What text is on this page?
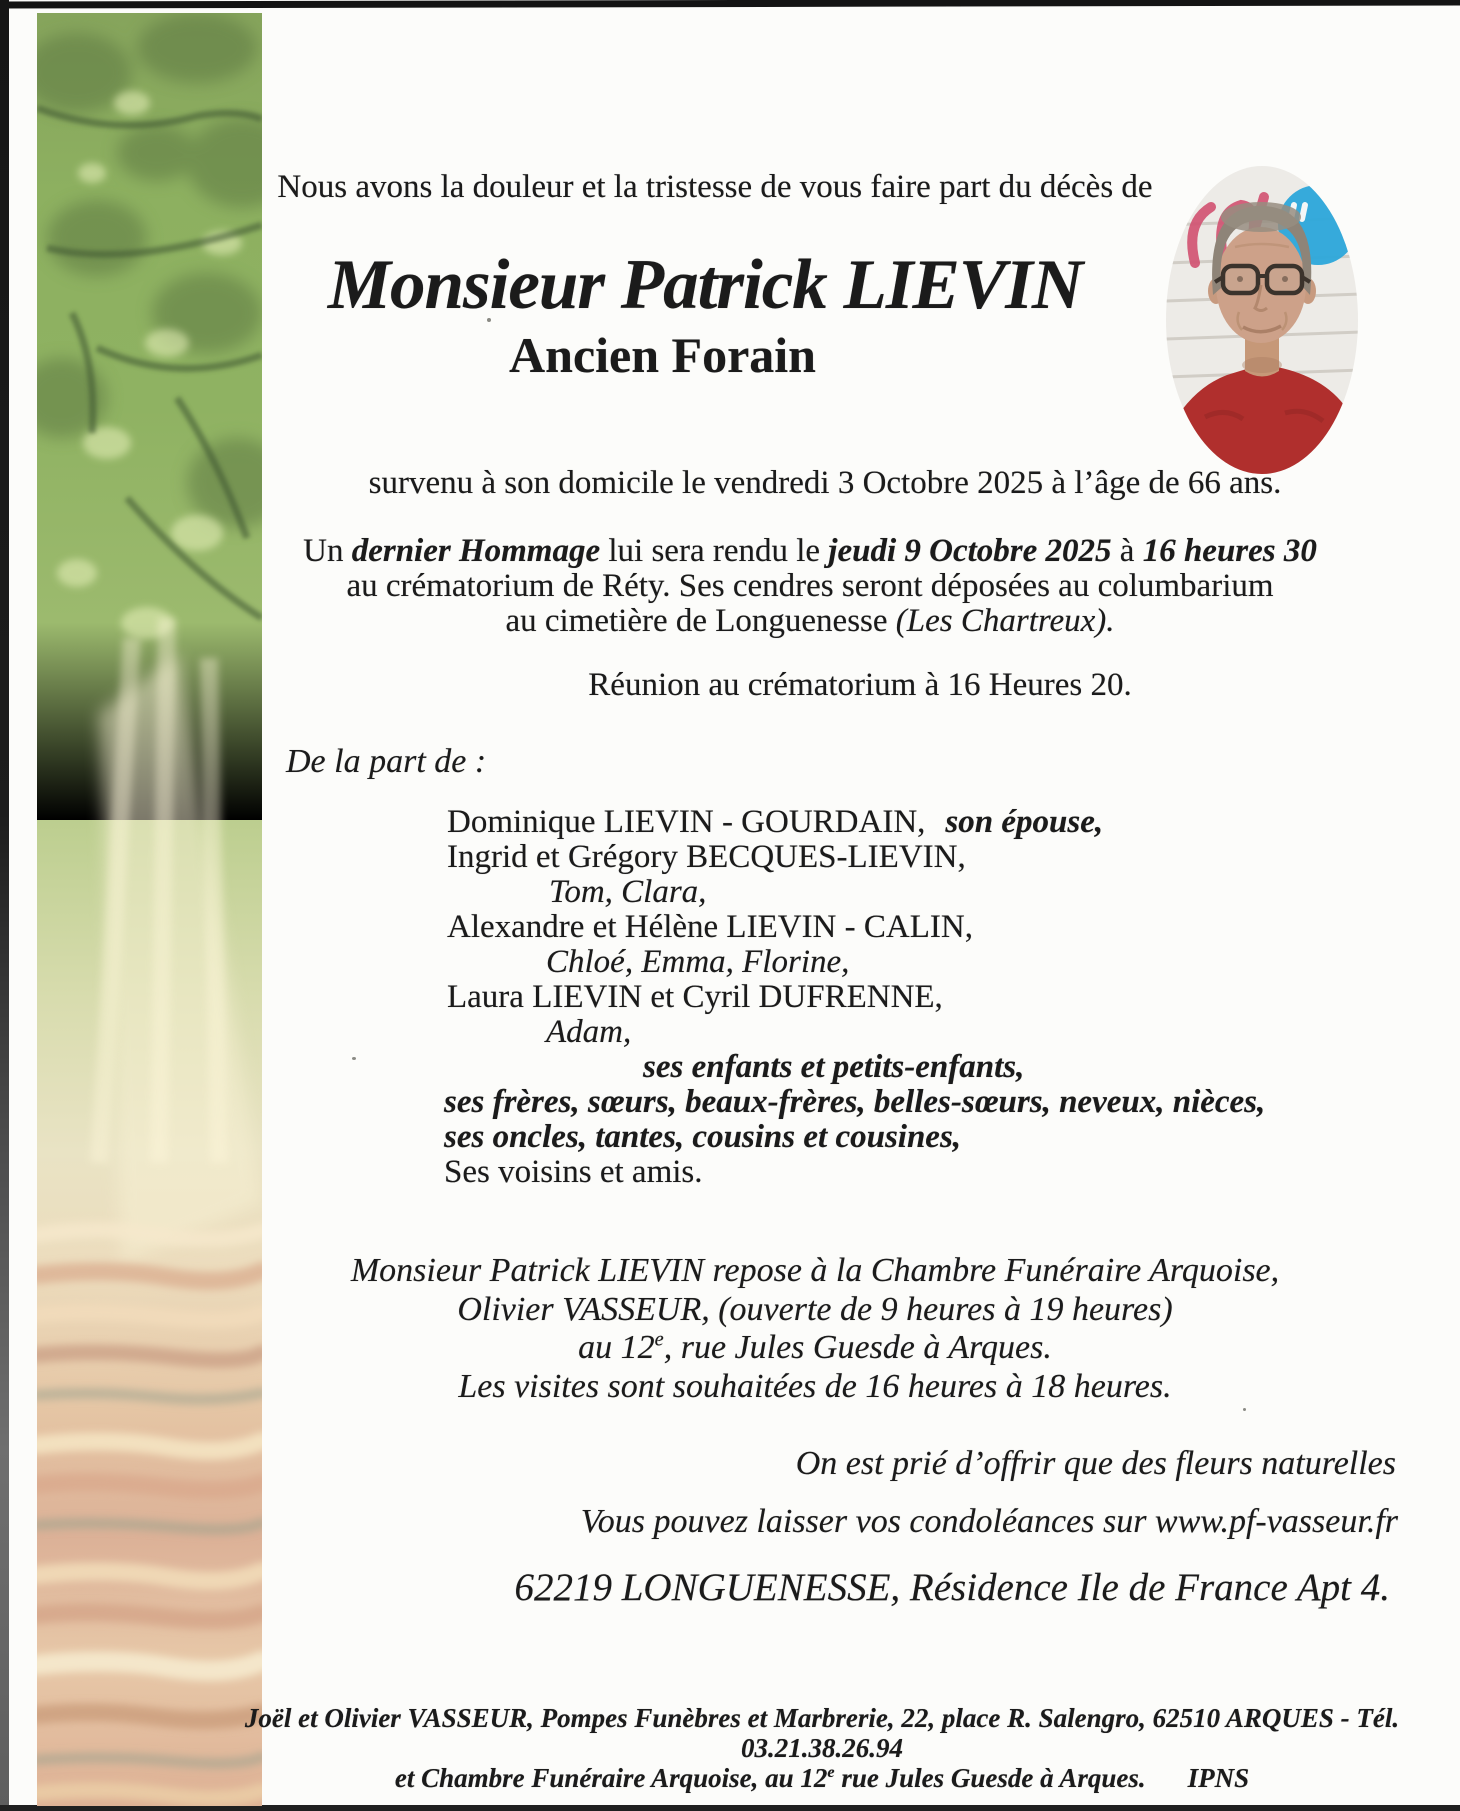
Nous avons la douleur et la tristesse de vous faire part du décès de
Monsieur Patrick LIEVIN
Ancien Forain
survenu à son domicile le vendredi 3 Octobre 2025 à l’âge de 66 ans.
Un dernier Hommage lui sera rendu le jeudi 9 Octobre 2025 à 16 heures 30
au crématorium de Réty. Ses cendres seront déposées au columbarium
au cimetière de Longuenesse (Les Chartreux).
Réunion au crématorium à 16 Heures 20.
De la part de :
Dominique LIEVIN - GOURDAIN, son épouse,
Ingrid et Grégory BECQUES-LIEVIN,
Tom, Clara,
Alexandre et Hélène LIEVIN - CALIN,
Chloé, Emma, Florine,
Laura LIEVIN et Cyril DUFRENNE,
Adam,
ses enfants et petits-enfants,
ses frères, sœurs, beaux-frères, belles-sœurs, neveux, nièces,
ses oncles, tantes, cousins et cousines,
Ses voisins et amis.
Monsieur Patrick LIEVIN repose à la Chambre Funéraire Arquoise,
Olivier VASSEUR, (ouverte de 9 heures à 19 heures)
au 12e, rue Jules Guesde à Arques.
Les visites sont souhaitées de 16 heures à 18 heures.
On est prié d’offrir que des fleurs naturelles
Vous pouvez laisser vos condoléances sur www.pf-vasseur.fr
62219 LONGUENESSE, Résidence Ile de France Apt 4.
Joël et Olivier VASSEUR, Pompes Funèbres et Marbrerie, 22, place R. Salengro, 62510 ARQUES - Tél. 03.21.38.26.94
et Chambre Funéraire Arquoise, au 12e rue Jules Guesde à Arques. IPNS
